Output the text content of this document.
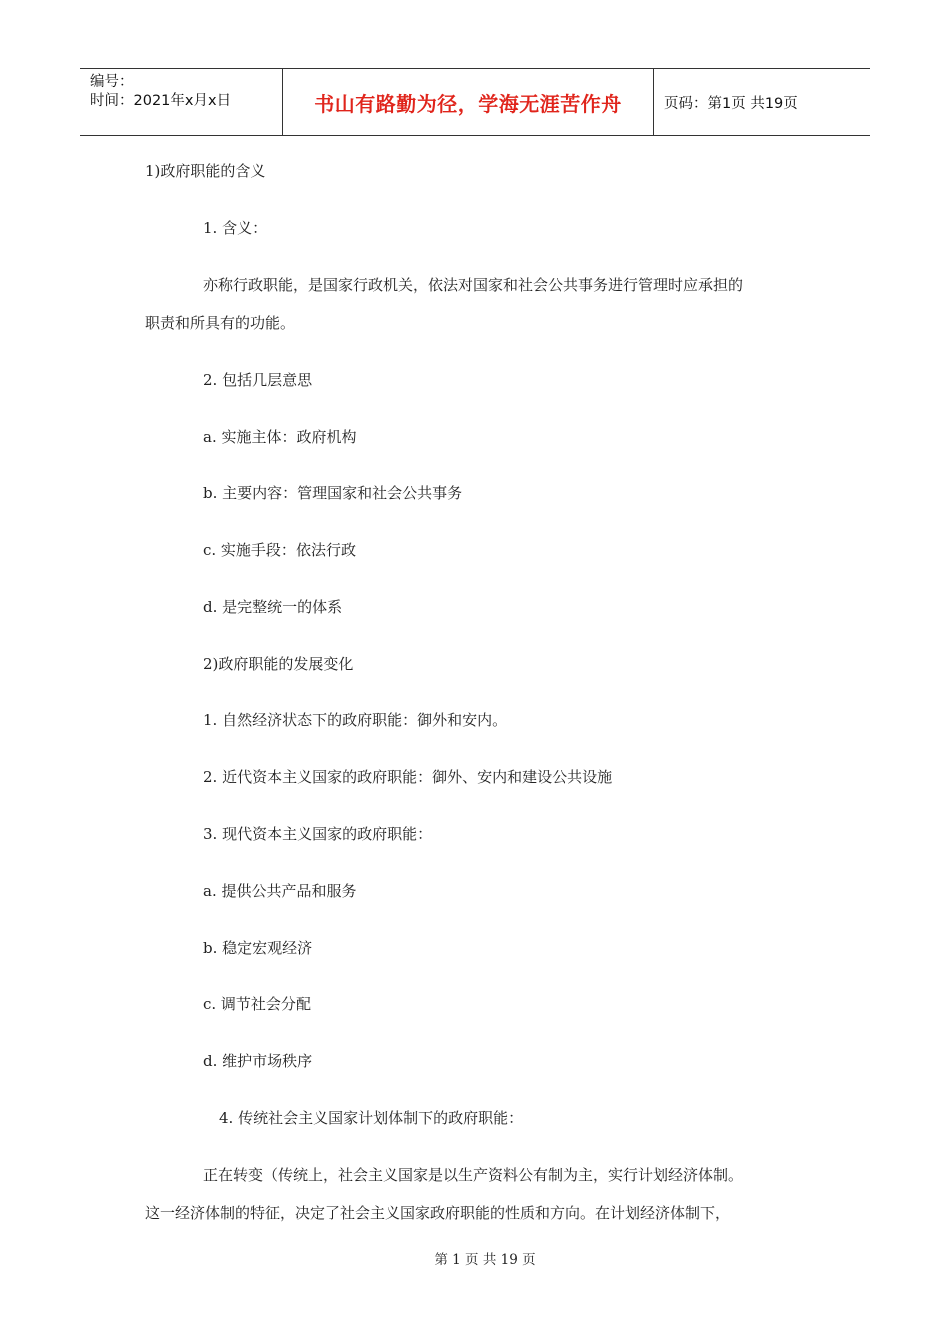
编号：
时间：2021年x月x日	书山有路勤为径，学海无涯苦作舟	页码：第1页 共19页
1)政府职能的含义
1. 含义：
亦称行政职能，是国家行政机关，依法对国家和社会公共事务进行管理时应承担的
职责和所具有的功能。
2. 包括几层意思
a. 实施主体：政府机构
b. 主要内容：管理国家和社会公共事务
c. 实施手段：依法行政
d. 是完整统一的体系
2)政府职能的发展变化
1. 自然经济状态下的政府职能：御外和安内。
2. 近代资本主义国家的政府职能：御外、安内和建设公共设施
3. 现代资本主义国家的政府职能：
a. 提供公共产品和服务
b. 稳定宏观经济
c. 调节社会分配
d. 维护市场秩序
4. 传统社会主义国家计划体制下的政府职能：
正在转变（传统上，社会主义国家是以生产资料公有制为主，实行计划经济体制。
这一经济体制的特征，决定了社会主义国家政府职能的性质和方向。在计划经济体制下，
第 1 页 共 19 页
